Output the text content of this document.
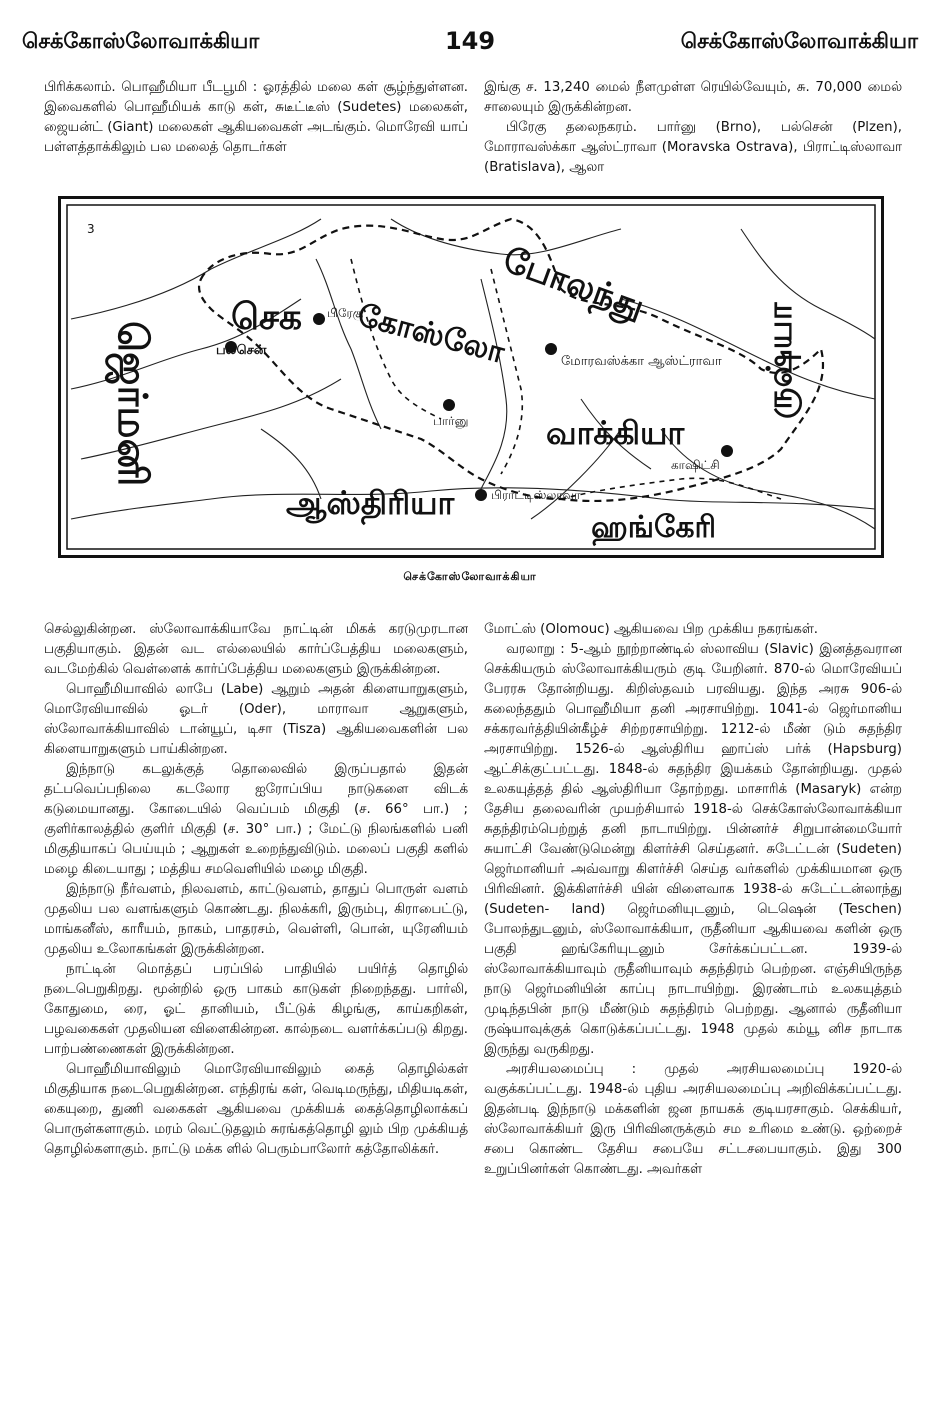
செக்கோஸ்லோவாக்கியா	149	செக்கோஸ்லோவாக்கியா

பிரிக்கலாம். பொஹீமியா பீடபூமி : ஓரத்தில் மலை கள் சூழ்ந்துள்ளன. இவைகளில் பொஹீமியக் காடு கள், சுடீட்டீஸ் (Sudetes) மலைகள், ஜையன்ட் (Giant) மலைகள் ஆகியவைகள் அடங்கும். மொரேவி யாப் பள்ளத்தாக்கிலும் பல மலைத் தொடர்கள்

இங்கு ச. 13,240 மைல் நீளமுள்ள ரெயில்வேயும், சு. 70,000 மைல் சாலையும் இருக்கின்றன.

பிரேகு தலைநகரம். பார்னு (Brno), பல்சென் (Plzen), மோராவஸ்க்கா ஆஸ்ட்ராவா (Moravska Ostrava), பிராட்டிஸ்லாவா (Bratislava), ஆலா

ஜெர்மனி
போலந்து
செக கோஸ்லோ
வாக்கியா
ஆஸ்திரியா
ஹங்கேரி
ருஷ்யா
பல்சென்
பிரேகு
பார்னு
மோரவஸ்க்கா ஆஸ்ட்ராவா
பிராட்டிஸ்லாவா
காஷிட்சி
3
செக்கோஸ்லோவாக்கியா

செல்லுகின்றன. ஸ்லோவாக்கியாவே நாட்டின் மிகக் கரடுமுரடான பகுதியாகும். இதன் வட எல்லையில் கார்ப்பேத்திய மலைகளும், வடமேற்கில் வெள்ளைக் கார்ப்பேத்திய மலைகளும் இருக்கின்றன.

பொஹீமியாவில் லாபே (Labe) ஆறும் அதன் கிளையாறுகளும், மொரேவியாவில் ஓடர் (Oder), மாராவா ஆறுகளும், ஸ்லோவாக்கியாவில் டான்யூப், டிசா (Tisza) ஆகியவைகளின் பல கிளையாறுகளும் பாய்கின்றன.

இந்நாடு கடலுக்குத் தொலைவில் இருப்பதால் இதன் தட்பவெப்பநிலை கடலோர ஐரோப்பிய நாடுகளை விடக் கடுமையானது. கோடையில் வெப்பம் மிகுதி (ச. 66° பா.) ; குளிர்காலத்தில் குளிர் மிகுதி (ச. 30° பா.) ; மேட்டு நிலங்களில் பனி மிகுதியாகப் பெய்யும் ; ஆறுகள் உறைந்துவிடும். மலைப் பகுதி களில் மழை கிடையாது ; மத்திய சமவெளியில் மழை மிகுதி.

இந்நாடு நீர்வளம், நிலவளம், காட்டுவளம், தாதுப் பொருள் வளம் முதலிய பல வளங்களும் கொண்டது. நிலக்கரி, இரும்பு, கிராபைட்டு, மாங்கனீஸ், காரீயம், நாகம், பாதரசம், வெள்ளி, பொன், யுரேனியம் முதலிய உலோகங்கள் இருக்கின்றன.

நாட்டின் மொத்தப் பரப்பில் பாதியில் பயிர்த் தொழில் நடைபெறுகிறது. மூன்றில் ஒரு பாகம் காடுகள் நிறைந்தது. பார்லி, கோதுமை, ரை, ஓட் தானியம், பீட்டுக் கிழங்கு, காய்கறிகள், பழவகைகள் முதலியன விளைகின்றன. கால்நடை வளர்க்கப்படு கிறது. பாற்பண்ணைகள் இருக்கின்றன.

பொஹீமியாவிலும் மொரேவியாவிலும் கைத் தொழில்கள் மிகுதியாக நடைபெறுகின்றன. எந்திரங் கள், வெடிமருந்து, மிதியடிகள், கையுறை, துணி வகைகள் ஆகியவை முக்கியக் கைத்தொழிலாக்கப் பொருள்களாகும். மரம் வெட்டுதலும் சுரங்கத்தொழி லும் பிற முக்கியத் தொழில்களாகும். நாட்டு மக்க ளில் பெரும்பாலோர் கத்தோலிக்கர்.

மோட்ஸ் (Olomouc) ஆகியவை பிற முக்கிய நகரங்கள்.

வரலாறு : 5-ஆம் நூற்றாண்டில் ஸ்லாவிய (Slavic) இனத்தவரான செக்கியரும் ஸ்லோவாக்கியரும் குடி யேறினர். 870-ல் மொரேவியப் பேரரசு தோன்றியது. கிறிஸ்தவம் பரவியது. இந்த அரசு 906-ல் கலைந்ததும் பொஹீமியா தனி அரசாயிற்று. 1041-ல் ஜெர்மானிய சக்கரவர்த்தியின்கீழ்ச் சிற்றரசாயிற்று. 1212-ல் மீண் டும் சுதந்திர அரசாயிற்று. 1526-ல் ஆஸ்திரிய ஹாப்ஸ் பர்க் (Hapsburg) ஆட்சிக்குட்பட்டது. 1848-ல் சுதந்திர இயக்கம் தோன்றியது. முதல் உலகயுத்தத் தில் ஆஸ்திரியா தோற்றது. மாசாரிக் (Masaryk) என்ற தேசிய தலைவரின் முயற்சியால் 1918-ல் செக்கோஸ்லோவாக்கியா சுதந்திரம்பெற்றுத் தனி நாடாயிற்று. பின்னர்ச் சிறுபான்மையோர் சுயாட்சி வேண்டுமென்று கிளர்ச்சி செய்தனர். சுடேட்டன் (Sudeten) ஜெர்மானியர் அவ்வாறு கிளர்ச்சி செய்த வர்களில் முக்கியமான ஒரு பிரிவினர். இக்கிளர்ச்சி யின் விளைவாக 1938-ல் சுடேட்டன்லாந்து (Sudeten- land) ஜெர்மனியுடனும், டெஷென் (Teschen) போலந்துடனும், ஸ்லோவாக்கியா, ருதீனியா ஆகியவை களின் ஒரு பகுதி ஹங்கேரியுடனும் சேர்க்கப்பட்டன. 1939-ல் ஸ்லோவாக்கியாவும் ருதீனியாவும் சுதந்திரம் பெற்றன. எஞ்சியிருந்த நாடு ஜெர்மனியின் காப்பு நாடாயிற்று. இரண்டாம் உலகயுத்தம் முடிந்தபின் நாடு மீண்டும் சுதந்திரம் பெற்றது. ஆனால் ருதீனியா ருஷ்யாவுக்குக் கொடுக்கப்பட்டது. 1948 முதல் கம்யூ னிச நாடாக இருந்து வருகிறது.

அரசியலமைப்பு : முதல் அரசியலமைப்பு 1920-ல் வகுக்கப்பட்டது. 1948-ல் புதிய அரசியலமைப்பு அறிவிக்கப்பட்டது. இதன்படி இந்நாடு மக்களின் ஜன நாயகக் குடியரசாகும். செக்கியர், ஸ்லோவாக்கியர் இரு பிரிவினருக்கும் சம உரிமை உண்டு. ஒற்றைச் சபை கொண்ட தேசிய சபையே சட்டசபையாகும். இது 300 உறுப்பினர்கள் கொண்டது. அவர்கள்
